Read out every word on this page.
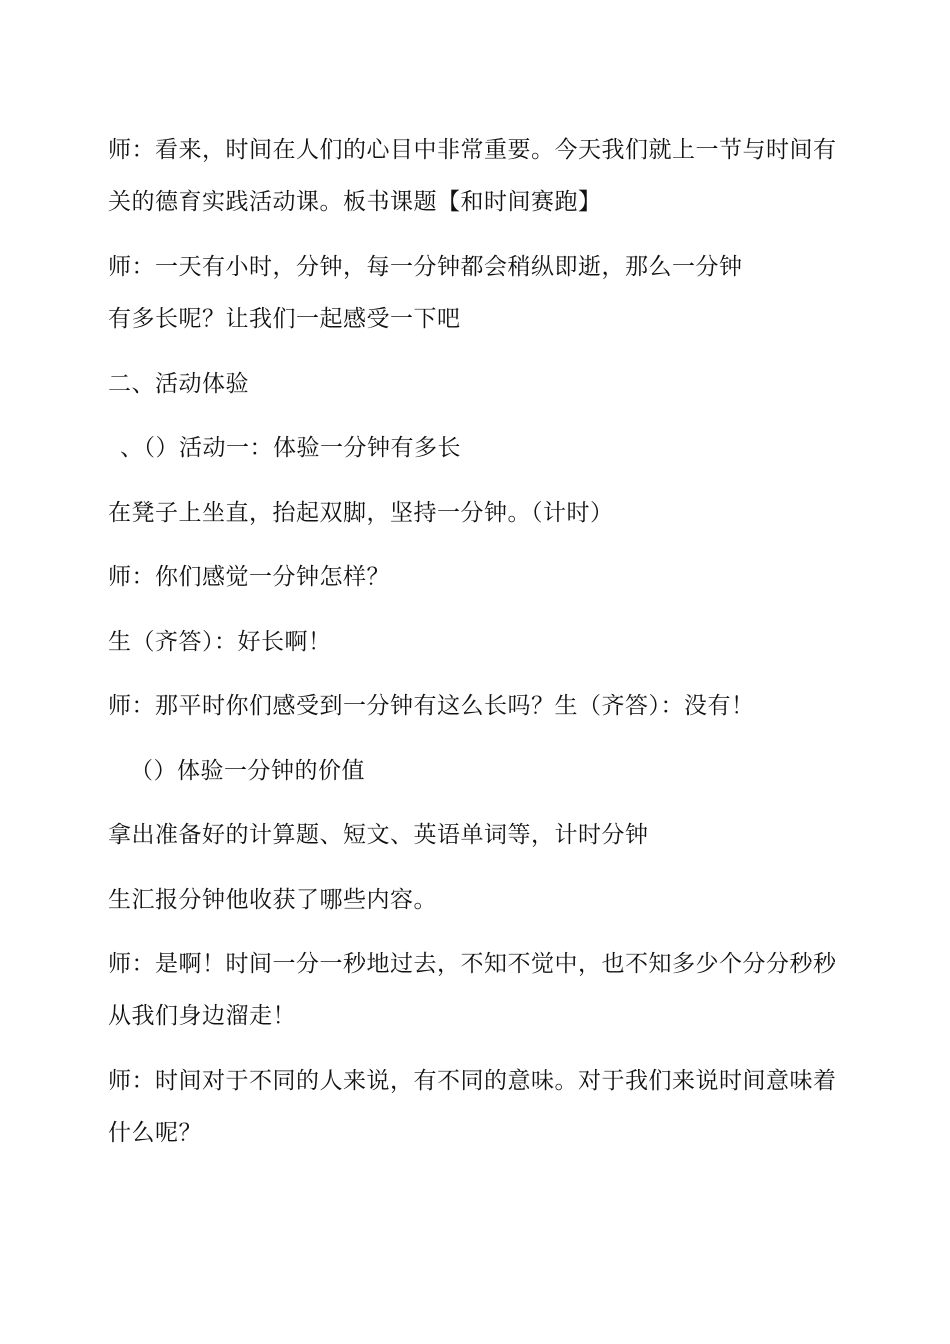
师：看来，时间在人们的心目中非常重要。今天我们就上一节与时间有
关的德育实践活动课。板书课题【和时间赛跑】
师：一天有小时，分钟，每一分钟都会稍纵即逝，那么一分钟
有多长呢？让我们一起感受一下吧
二、活动体验
、（）活动一：体验一分钟有多长
在凳子上坐直，抬起双脚，坚持一分钟。（计时）
师：你们感觉一分钟怎样？
生（齐答）：好长啊！
师：那平时你们感受到一分钟有这么长吗？生（齐答）：没有！
（）体验一分钟的价值
拿出准备好的计算题、短文、英语单词等，计时分钟
生汇报分钟他收获了哪些内容。
师：是啊！时间一分一秒地过去，不知不觉中，也不知多少个分分秒秒
从我们身边溜走！
师：时间对于不同的人来说，有不同的意味。对于我们来说时间意味着
什么呢？
